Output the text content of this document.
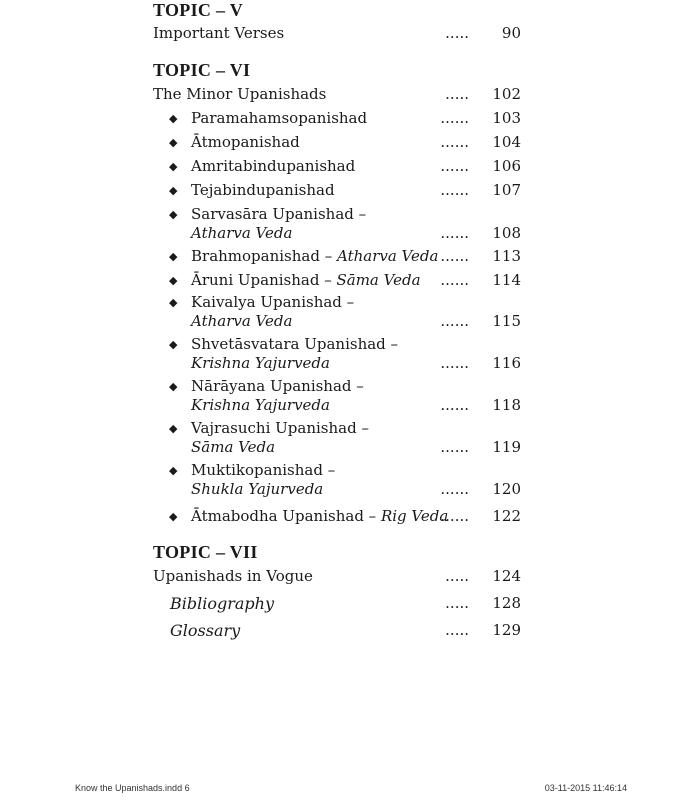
TOPIC – V
Important Verses	..... 90
TOPIC – VI
The Minor Upanishads	..... 102
◆ Paramahamsopanishad	...... 103
◆ Ātmopanishad	...... 104
◆ Amritabindupanishad	...... 106
◆ Tejabindupanishad	...... 107
◆ Sarvasāra Upanishad –
Atharva Veda	...... 108
◆ Brahmopanishad – Atharva Veda ...... 113
◆ Āruni Upanishad – Sāma Veda ...... 114
◆ Kaivalya Upanishad –
Atharva Veda	...... 115
◆ Shvetāsvatara Upanishad –
Krishna Yajurveda	...... 116
◆ Nārāyana Upanishad –
Krishna Yajurveda	...... 118
◆ Vajrasuchi Upanishad –
Sāma Veda	...... 119
◆ Muktikopanishad –
Shukla Yajurveda	...... 120
◆ Ātmabodha Upanishad – Rig Veda
...... 122
TOPIC – VII
Upanishads in Vogue	..... 124
Bibliography	..... 128
Glossary	..... 129
Know the Upanishads.indd 6	03-11-2015 11:46:14
